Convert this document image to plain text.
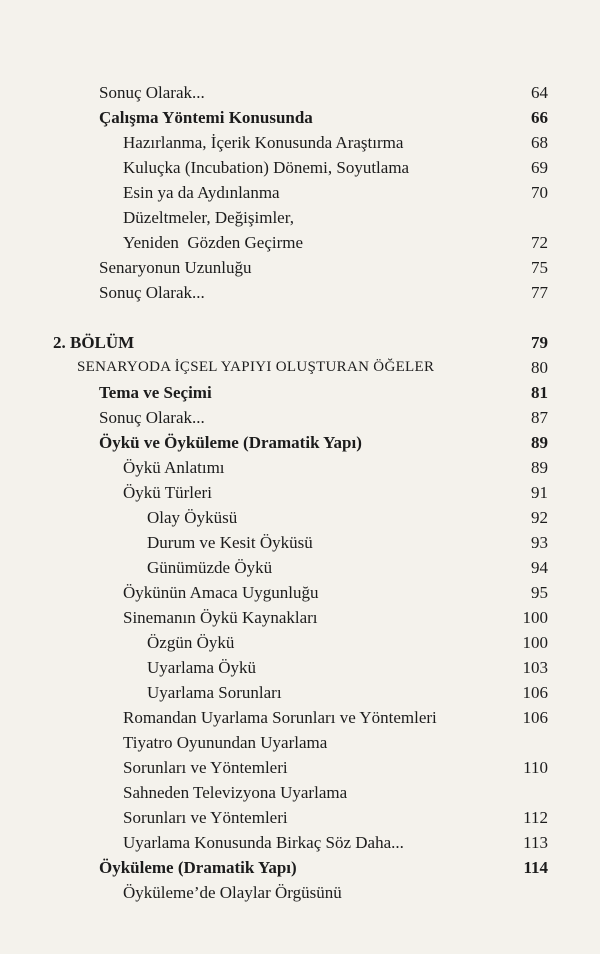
Sonuç Olarak...	64
Çalışma Yöntemi Konusunda	66
Hazırlanma, İçerik Konusunda Araştırma	68
Kuluçka (Incubation) Dönemi, Soyutlama	69
Esin ya da Aydınlanma	70
Düzeltmeler, Değişimler,
Yeniden  Gözden Geçirme	72
Senaryonun Uzunluğu	75
Sonuç Olarak...	77
2. BÖLÜM	79
SENARYODA İÇSEL YAPIYI OLUŞTURAN ÖĞELER	80
Tema ve Seçimi	81
Sonuç Olarak...	87
Öykü ve Öyküleme (Dramatik Yapı)	89
Öykü Anlatımı	89
Öykü Türleri	91
Olay Öyküsü	92
Durum ve Kesit Öyküsü	93
Günümüzde Öykü	94
Öykünün Amaca Uygunluğu	95
Sinemanın Öykü Kaynakları	100
Özgün Öykü	100
Uyarlama Öykü	103
Uyarlama Sorunları	106
Romandan Uyarlama Sorunları ve Yöntemleri	106
Tiyatro Oyunundan Uyarlama
Sorunları ve Yöntemleri	110
Sahneden Televizyona Uyarlama
Sorunları ve Yöntemleri	112
Uyarlama Konusunda Birkaç Söz Daha...	113
Öyküleme (Dramatik Yapı)	114
Öyküleme’de Olaylar Örgüsünü
